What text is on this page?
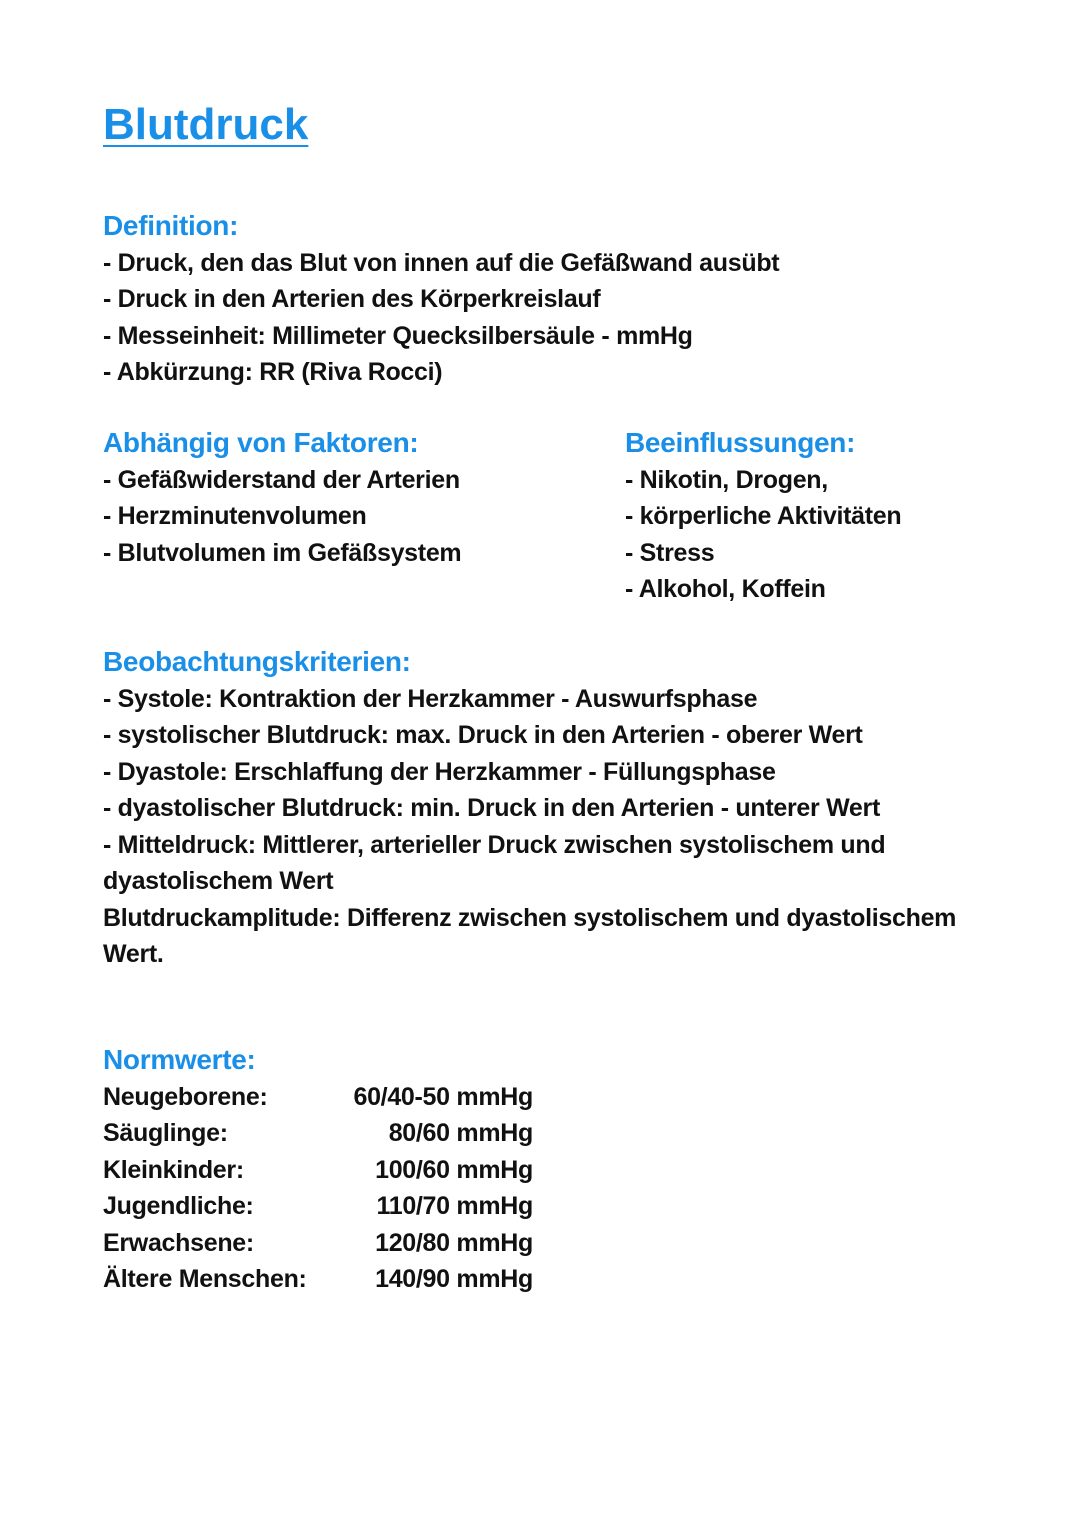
Blutdruck
Definition:
- Druck, den das Blut von innen auf die Gefäßwand ausübt
- Druck in den Arterien des Körperkreislauf
- Messeinheit: Millimeter Quecksilbersäule - mmHg
- Abkürzung: RR (Riva Rocci)
Abhängig von Faktoren:
- Gefäßwiderstand der Arterien
- Herzminutenvolumen
- Blutvolumen im Gefäßsystem
Beeinflussungen:
- Nikotin, Drogen,
- körperliche Aktivitäten
- Stress
- Alkohol, Koffein
Beobachtungskriterien:
- Systole: Kontraktion der Herzkammer - Auswurfsphase
- systolischer Blutdruck: max. Druck in den Arterien - oberer Wert
- Dyastole: Erschlaffung der Herzkammer - Füllungsphase
- dyastolischer Blutdruck: min. Druck in den Arterien - unterer Wert
- Mitteldruck: Mittlerer, arterieller Druck zwischen systolischem und dyastolischem Wert
Blutdruckamplitude: Differenz zwischen systolischem und dyastolischem Wert.
Normwerte:
Neugeborene:	60/40-50 mmHg
Säuglinge:	80/60 mmHg
Kleinkinder:	100/60 mmHg
Jugendliche:	110/70 mmHg
Erwachsene:	120/80 mmHg
Ältere Menschen:	140/90 mmHg
